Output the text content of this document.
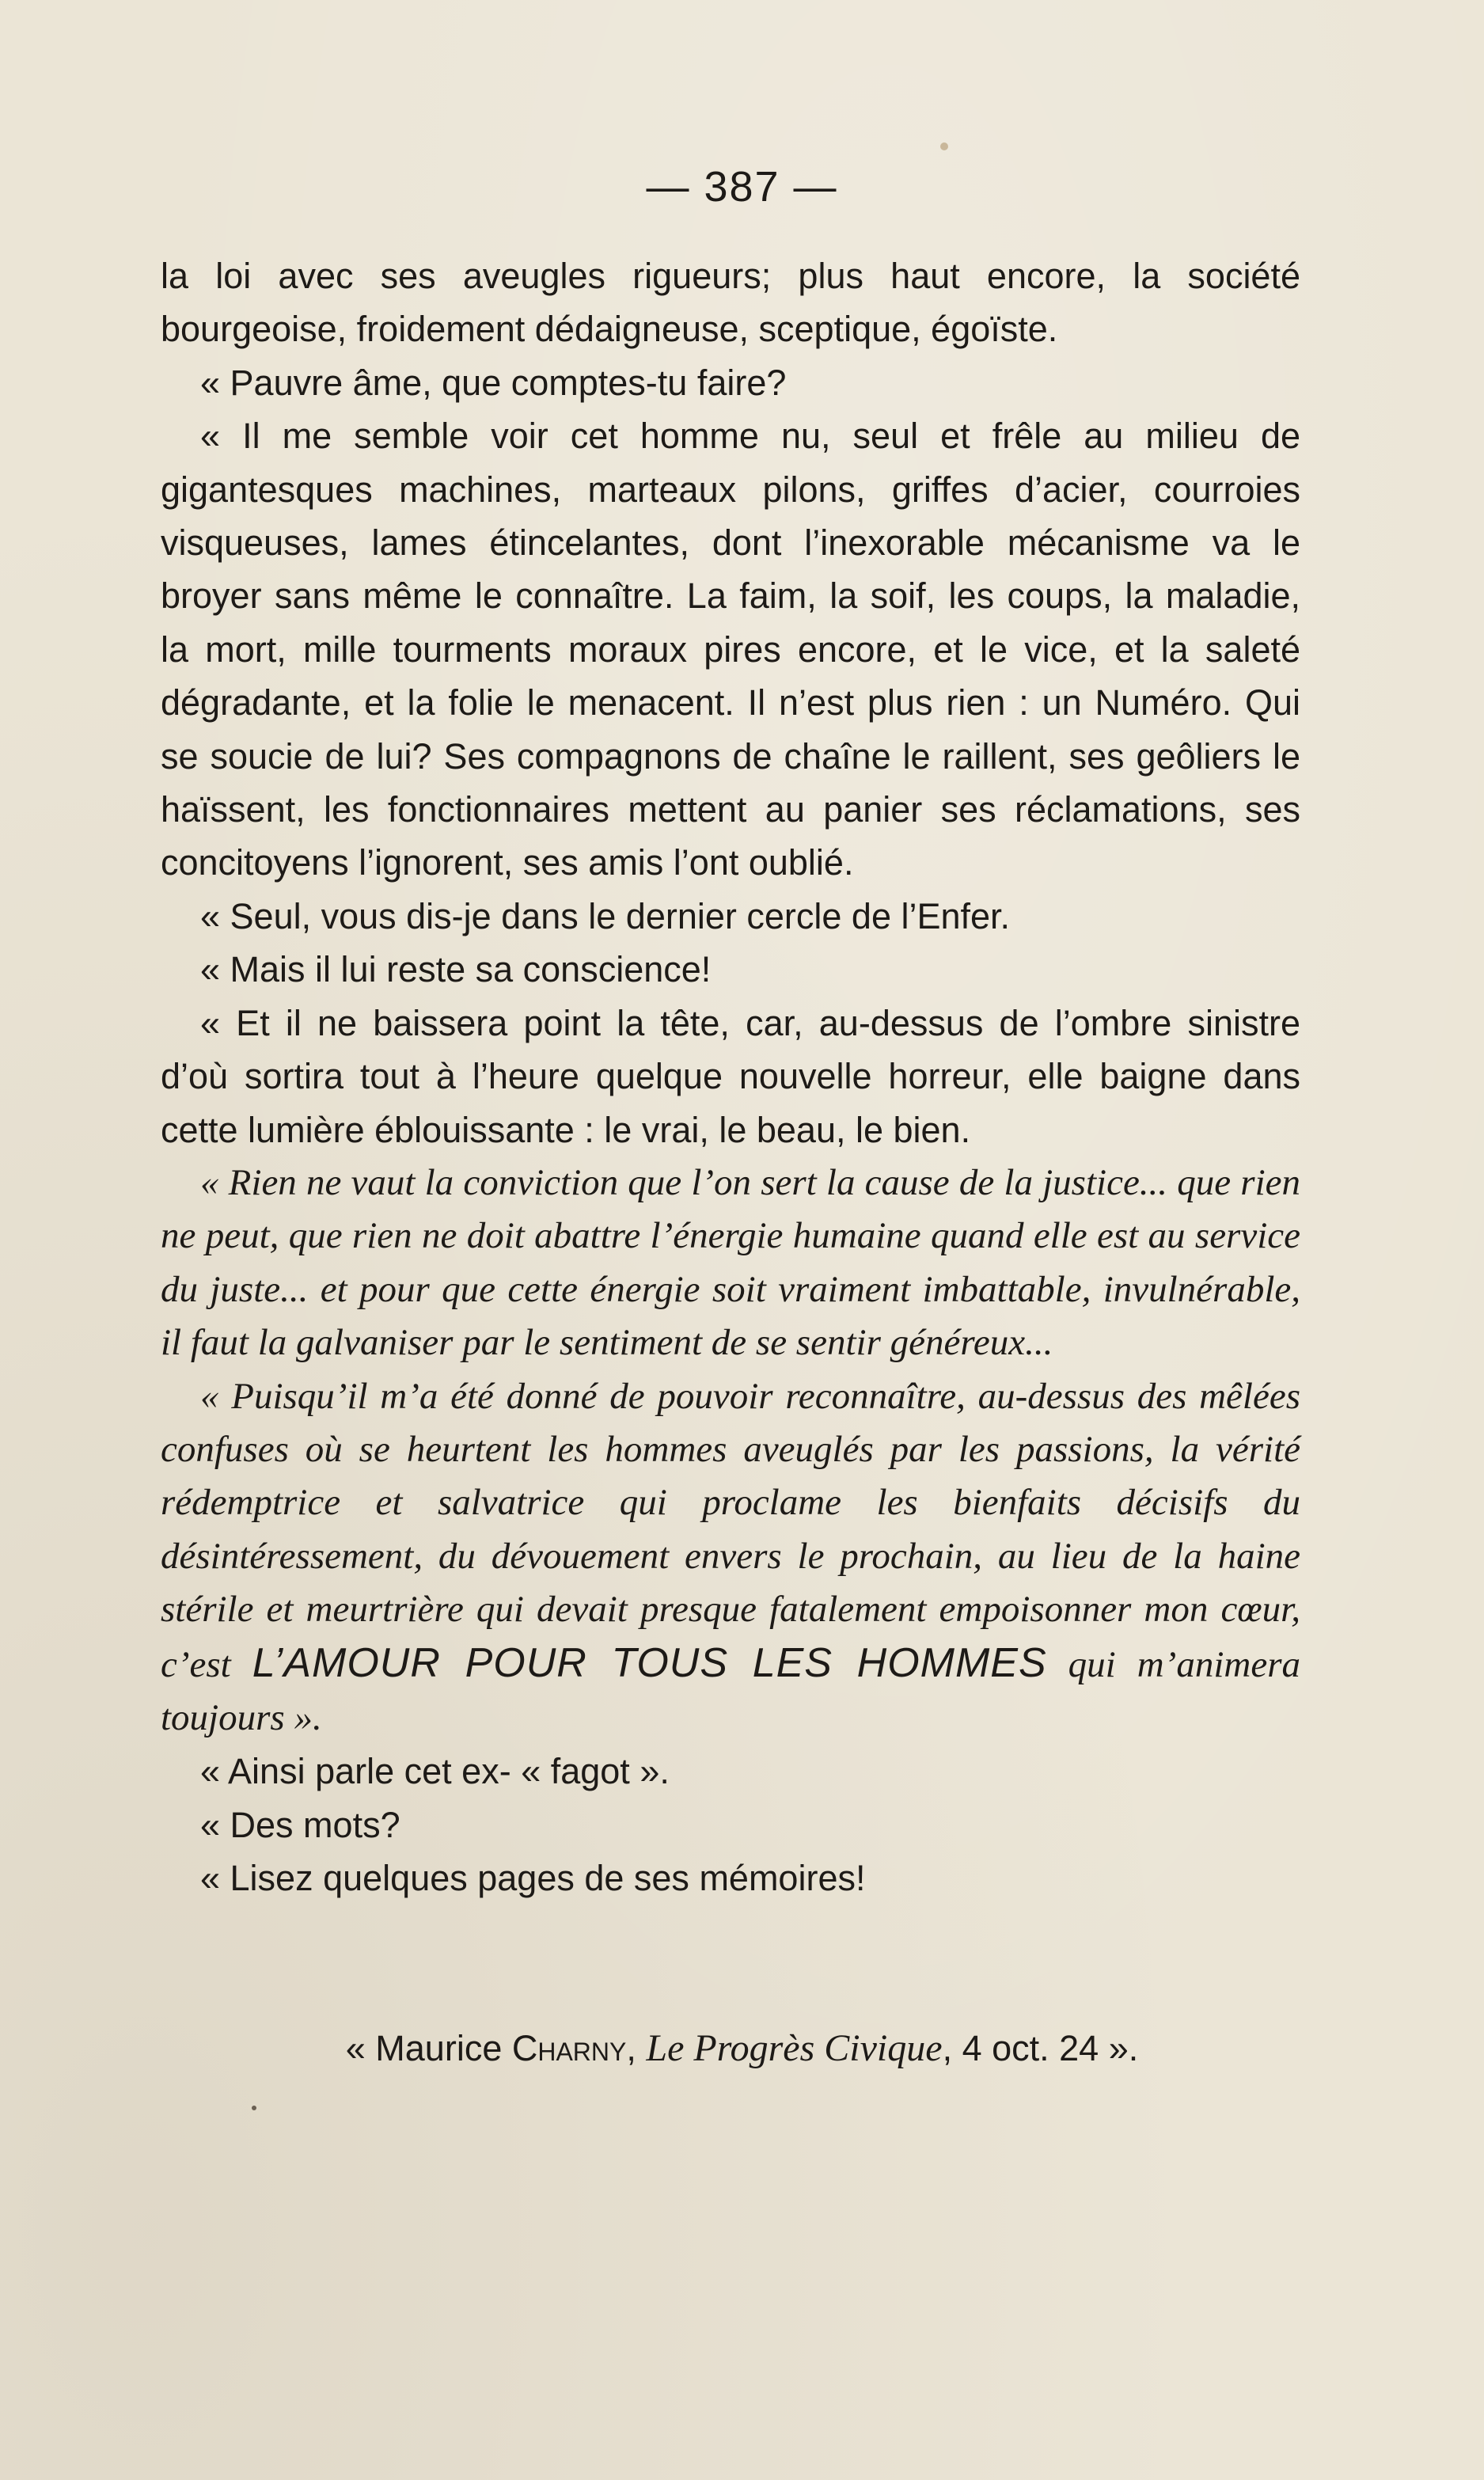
— 387 —

la loi avec ses aveugles rigueurs; plus haut encore, la société bourgeoise, froidement dédaigneuse, sceptique, égoïste.

« Pauvre âme, que comptes-tu faire?

« Il me semble voir cet homme nu, seul et frêle au milieu de gigantesques machines, marteaux pilons, griffes d’acier, courroies visqueuses, lames étincelantes, dont l’inexorable mécanisme va le broyer sans même le connaître. La faim, la soif, les coups, la maladie, la mort, mille tourments moraux pires encore, et le vice, et la saleté dégradante, et la folie le menacent. Il n’est plus rien : un Numéro. Qui se soucie de lui? Ses compagnons de chaîne le raillent, ses geôliers le haïssent, les fonctionnaires mettent au panier ses réclamations, ses concitoyens l’ignorent, ses amis l’ont oublié.

« Seul, vous dis-je dans le dernier cercle de l’Enfer.

« Mais il lui reste sa conscience!

« Et il ne baissera point la tête, car, au-dessus de l’ombre sinistre d’où sortira tout à l’heure quelque nouvelle horreur, elle baigne dans cette lumière éblouissante : le vrai, le beau, le bien.

« Rien ne vaut la conviction que l’on sert la cause de la justice... que rien ne peut, que rien ne doit abattre l’énergie humaine quand elle est au service du juste... et pour que cette énergie soit vraiment imbattable, invulnérable, il faut la galvaniser par le sentiment de se sentir généreux...

« Puisqu’il m’a été donné de pouvoir reconnaître, au-dessus des mêlées confuses où se heurtent les hommes aveuglés par les passions, la vérité rédemptrice et salvatrice qui proclame les bienfaits décisifs du désintéressement, du dévouement envers le prochain, au lieu de la haine stérile et meurtrière qui devait presque fatalement empoisonner mon cœur, c’est L’AMOUR POUR TOUS LES HOMMES qui m’animera toujours ».

« Ainsi parle cet ex- « fagot ».

« Des mots?

« Lisez quelques pages de ses mémoires!

« Maurice Charny, Le Progrès Civique, 4 oct. 24 ».
